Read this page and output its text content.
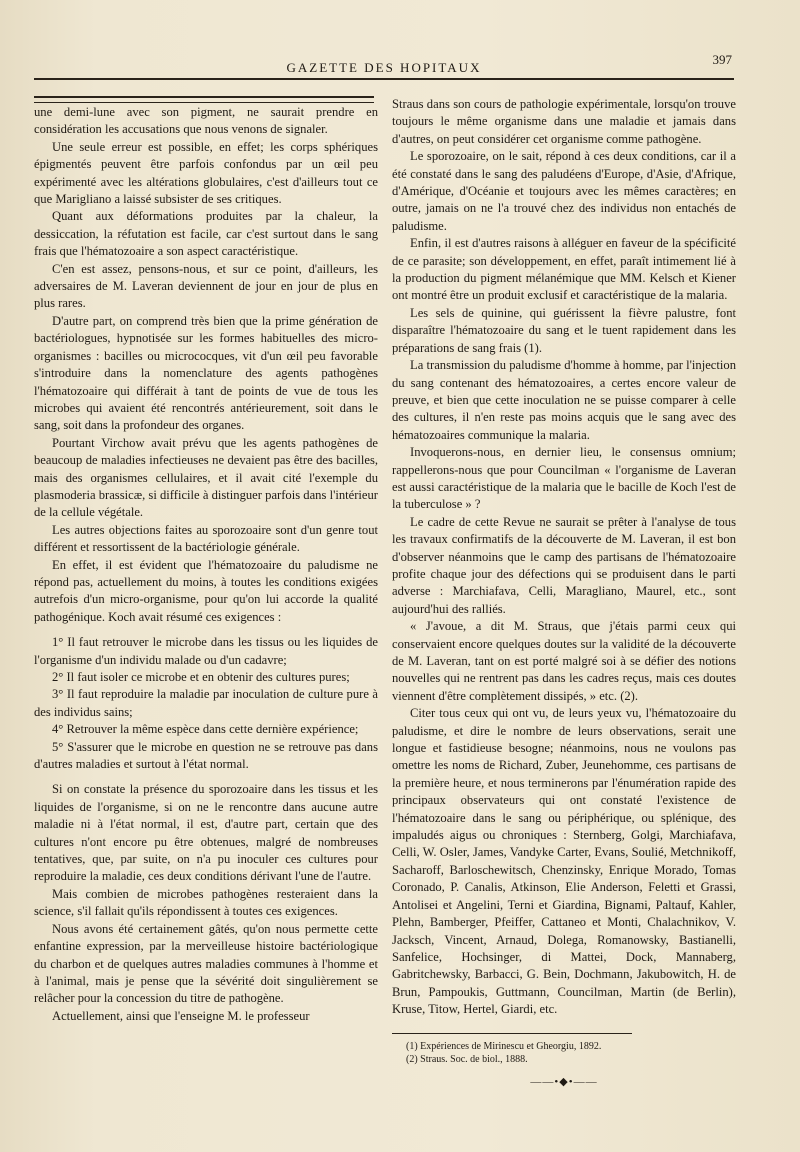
GAZETTE DES HOPITAUX
397

une demi-lune avec son pigment, ne saurait prendre en considération les accusations que nous venons de signaler.

Une seule erreur est possible, en effet; les corps sphériques épigmentés peuvent être parfois confondus par un œil peu expérimenté avec les altérations globulaires, c'est d'ailleurs tout ce que Marigliano a laissé subsister de ses critiques.

Quant aux déformations produites par la chaleur, la dessiccation, la réfutation est facile, car c'est surtout dans le sang frais que l'hématozoaire a son aspect caractéristique.

C'en est assez, pensons-nous, et sur ce point, d'ailleurs, les adversaires de M. Laveran deviennent de jour en jour de plus en plus rares.

D'autre part, on comprend très bien que la prime génération de bactériologues, hypnotisée sur les formes habituelles des micro-organismes : bacilles ou micrococques, vit d'un œil peu favorable s'introduire dans la nomenclature des agents pathogènes l'hématozoaire qui différait à tant de points de vue de tous les microbes qui avaient été rencontrés antérieurement, soit dans le sang, soit dans la profondeur des organes.

Pourtant Virchow avait prévu que les agents pathogènes de beaucoup de maladies infectieuses ne devaient pas être des bacilles, mais des organismes cellulaires, et il avait cité l'exemple du plasmoderia brassicæ, si difficile à distinguer parfois dans l'intérieur de la cellule végétale.

Les autres objections faites au sporozoaire sont d'un genre tout différent et ressortissent de la bactériologie générale.

En effet, il est évident que l'hématozoaire du paludisme ne répond pas, actuellement du moins, à toutes les conditions exigées autrefois d'un micro-organisme, pour qu'on lui accorde la qualité pathogénique. Koch avait résumé ces exigences :

1° Il faut retrouver le microbe dans les tissus ou les liquides de l'organisme d'un individu malade ou d'un cadavre;

2° Il faut isoler ce microbe et en obtenir des cultures pures;

3° Il faut reproduire la maladie par inoculation de culture pure à des individus sains;

4° Retrouver la même espèce dans cette dernière expérience;

5° S'assurer que le microbe en question ne se retrouve pas dans d'autres maladies et surtout à l'état normal.

Si on constate la présence du sporozoaire dans les tissus et les liquides de l'organisme, si on ne le rencontre dans aucune autre maladie ni à l'état normal, il est, d'autre part, certain que des cultures n'ont encore pu être obtenues, malgré de nombreuses tentatives, que, par suite, on n'a pu inoculer ces cultures pour reproduire la maladie, ces deux conditions dérivant l'une de l'autre.

Mais combien de microbes pathogènes resteraient dans la science, s'il fallait qu'ils répondissent à toutes ces exigences.

Nous avons été certainement gâtés, qu'on nous permette cette enfantine expression, par la merveilleuse histoire bactériologique du charbon et de quelques autres maladies communes à l'homme et à l'animal, mais je pense que la sévérité doit singulièrement se relâcher pour la concession du titre de pathogène.

Actuellement, ainsi que l'enseigne M. le professeur

Straus dans son cours de pathologie expérimentale, lorsqu'on trouve toujours le même organisme dans une maladie et jamais dans d'autres, on peut considérer cet organisme comme pathogène.

Le sporozoaire, on le sait, répond à ces deux conditions, car il a été constaté dans le sang des paludéens d'Europe, d'Asie, d'Afrique, d'Amérique, d'Océanie et toujours avec les mêmes caractères; en outre, jamais on ne l'a trouvé chez des individus non entachés de paludisme.

Enfin, il est d'autres raisons à alléguer en faveur de la spécificité de ce parasite; son développement, en effet, paraît intimement lié à la production du pigment mélanémique que MM. Kelsch et Kiener ont montré être un produit exclusif et caractéristique de la malaria.

Les sels de quinine, qui guérissent la fièvre palustre, font disparaître l'hématozoaire du sang et le tuent rapidement dans les préparations de sang frais (1).

La transmission du paludisme d'homme à homme, par l'injection du sang contenant des hématozoaires, a certes encore valeur de preuve, et bien que cette inoculation ne se puisse comparer à celle des cultures, il n'en reste pas moins acquis que le sang avec des hématozoaires communique la malaria.

Invoquerons-nous, en dernier lieu, le consensus omnium; rappellerons-nous que pour Councilman « l'organisme de Laveran est aussi caractéristique de la malaria que le bacille de Koch l'est de la tuberculose » ?

Le cadre de cette Revue ne saurait se prêter à l'analyse de tous les travaux confirmatifs de la découverte de M. Laveran, il est bon d'observer néanmoins que le camp des partisans de l'hématozoaire profite chaque jour des défections qui se produisent dans le parti adverse : Marchiafava, Celli, Maragliano, Maurel, etc., sont aujourd'hui des ralliés.

« J'avoue, a dit M. Straus, que j'étais parmi ceux qui conservaient encore quelques doutes sur la validité de la découverte de M. Laveran, tant on est porté malgré soi à se défier des notions nouvelles qui ne rentrent pas dans les cadres reçus, mais ces doutes viennent d'être complètement dissipés, » etc. (2).

Citer tous ceux qui ont vu, de leurs yeux vu, l'hématozoaire du paludisme, et dire le nombre de leurs observations, serait une longue et fastidieuse besogne; néanmoins, nous ne voulons pas omettre les noms de Richard, Zuber, Jeunehomme, ces partisans de la première heure, et nous terminerons par l'énumération rapide des principaux observateurs qui ont constaté l'existence de l'hématozoaire dans le sang ou périphérique, ou splénique, des impaludés aigus ou chroniques : Sternberg, Golgi, Marchiafava, Celli, W. Osler, James, Vandyke Carter, Evans, Soulié, Metchnikoff, Sacharoff, Barloschewitsch, Chenzinsky, Enrique Morado, Tomas Coronado, P. Canalis, Atkinson, Elie Anderson, Feletti et Grassi, Antolisei et Angelini, Terni et Giardina, Bignami, Paltauf, Kahler, Plehn, Bamberger, Pfeiffer, Cattaneo et Monti, Chalachnikov, V. Jacksch, Vincent, Arnaud, Dolega, Romanowsky, Bastianelli, Sanfelice, Hochsinger, di Mattei, Dock, Mannaberg, Gabritchewsky, Barbacci, G. Bein, Dochmann, Jakubowitch, H. de Brun, Pampoukis, Guttmann, Councilman, Martin (de Berlin), Kruse, Titow, Hertel, Giardi, etc.

(1) Expériences de Mirinescu et Gheorgiu, 1892.

(2) Straus. Soc. de biol., 1888.

——•◆•——
